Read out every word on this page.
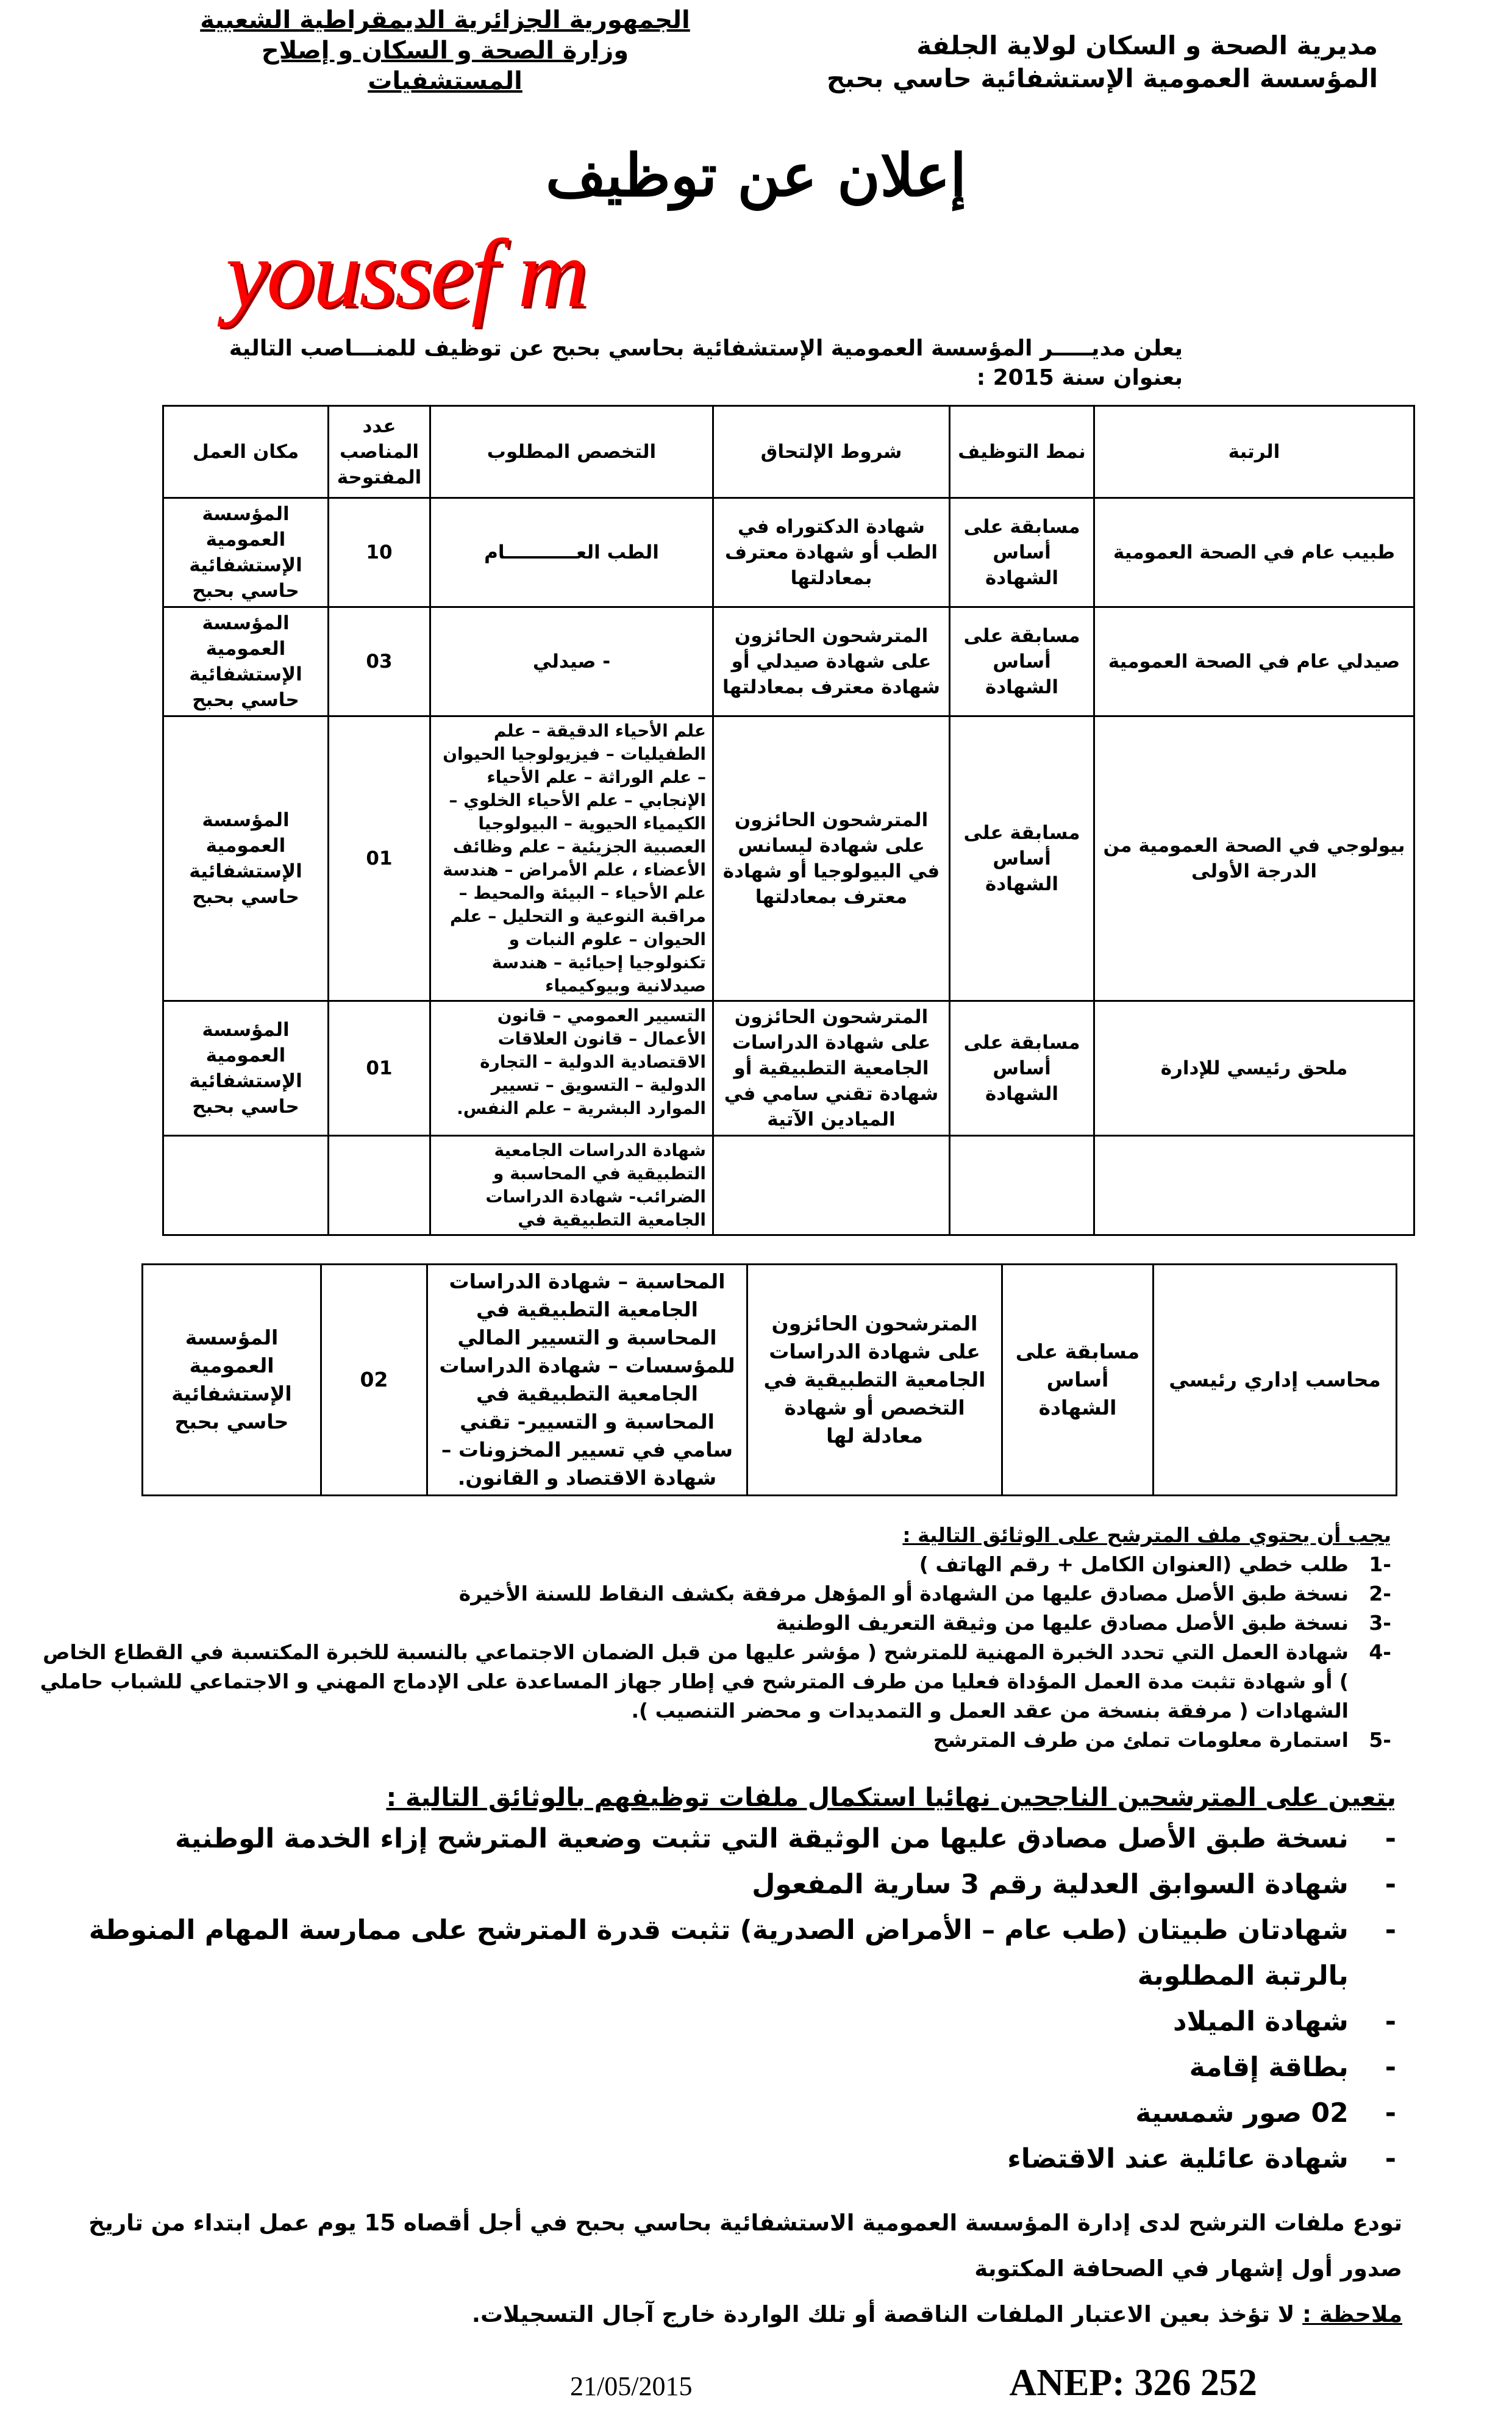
الجمهورية الجزائرية الديمقراطية الشعبية
وزارة الصحة و السكان و إصلاح المستشفيات
مديرية الصحة و السكان لولاية الجلفة
المؤسسة العمومية الإستشفائية حاسي بحبح
إعلان عن توظيف
youssef m
يعلن مديـــــر المؤسسة العمومية الإستشفائية بحاسي بحبح عن توظيف للمنـــاصب التالية بعنوان سنة 2015 :
الرتبة	نمط التوظيف	شروط الإلتحاق	التخصص المطلوب	عدد المناصب المفتوحة	مكان العمل
طبيب عام في الصحة العمومية	مسابقة على أساس الشهادة	شهادة الدكتوراه في الطب أو شهادة معترف بمعادلتها	الطب العـــــــــــام	10	المؤسسة العمومية الإستشفائية حاسي بحبح
صيدلي عام في الصحة العمومية	مسابقة على أساس الشهادة	المترشحون الحائزون على شهادة صيدلي أو شهادة معترف بمعادلتها	- صيدلي	03	المؤسسة العمومية الإستشفائية حاسي بحبح
بيولوجي في الصحة العمومية من الدرجة الأولى	مسابقة على أساس الشهادة	المترشحون الحائزون على شهادة ليسانس في البيولوجيا أو شهادة معترف بمعادلتها	علم الأحياء الدقيقة – علم الطفيليات – فيزيولوجيا الحيوان – علم الوراثة – علم الأحياء الإنجابي – علم الأحياء الخلوي – الكيمياء الحيوية – البيولوجيا العصبية الجزيئية – علم وظائف الأعضاء ، علم الأمراض – هندسة علم الأحياء – البيئة والمحيط – مراقبة النوعية و التحليل – علم الحيوان – علوم النبات و تكنولوجيا إحيائية – هندسة صيدلانية وبيوكيمياء	01	المؤسسة العمومية الإستشفائية حاسي بحبح
ملحق رئيسي للإدارة	مسابقة على أساس الشهادة	المترشحون الحائزون على شهادة الدراسات الجامعية التطبيقية أو شهادة تقني سامي في الميادين الآتية	التسيير العمومي – قانون الأعمال – قانون العلاقات الاقتصادية الدولية – التجارة الدولية – التسويق – تسيير الموارد البشرية – علم النفس.	01	المؤسسة العمومية الإستشفائية حاسي بحبح
			شهادة الدراسات الجامعية التطبيقية في المحاسبة و الضرائب- شهادة الدراسات الجامعية التطبيقية في		
محاسب إداري رئيسي	مسابقة على أساس الشهادة	المترشحون الحائزون على شهادة الدراسات الجامعية التطبيقية في التخصص أو شهادة معادلة لها	المحاسبة – شهادة الدراسات الجامعية التطبيقية في المحاسبة و التسيير المالي للمؤسسات – شهادة الدراسات الجامعية التطبيقية في المحاسبة و التسيير- تقني سامي في تسيير المخزونات – شهادة الاقتصاد و القانون.	02	المؤسسة العمومية الإستشفائية حاسي بحبح
يجب أن يحتوي ملف المترشح على الوثائق التالية :
-1
طلب خطي (العنوان الكامل + رقم الهاتف )
-2
نسخة طبق الأصل مصادق عليها من الشهادة أو المؤهل مرفقة بكشف النقاط للسنة الأخيرة
-3
نسخة طبق الأصل مصادق عليها من وثيقة التعريف الوطنية
-4
شهادة العمل التي تحدد الخبرة المهنية للمترشح ( مؤشر عليها من قبل الضمان الاجتماعي بالنسبة للخبرة المكتسبة في القطاع الخاص ) أو شهادة تثبت مدة العمل المؤداة فعليا من طرف المترشح في إطار جهاز المساعدة على الإدماج المهني و الاجتماعي للشباب حاملي الشهادات ( مرفقة بنسخة من عقد العمل و التمديدات و محضر التنصيب ).
-5
استمارة معلومات تملئ من طرف المترشح
يتعين على المترشحين الناجحين نهائيا استكمال ملفات توظيفهم بالوثائق التالية :
-
نسخة طبق الأصل مصادق عليها من الوثيقة التي تثبت وضعية المترشح إزاء الخدمة الوطنية
-
شهادة السوابق العدلية رقم 3 سارية المفعول
-
شهادتان طبيتان (طب عام – الأمراض الصدرية) تثبت قدرة المترشح على ممارسة المهام المنوطة بالرتبة المطلوبة
-
شهادة الميلاد
-
بطاقة إقامة
-
02 صور شمسية
-
شهادة عائلية عند الاقتضاء
تودع ملفات الترشح لدى إدارة المؤسسة العمومية الاستشفائية بحاسي بحبح في أجل أقصاه 15 يوم عمل ابتداء من تاريخ صدور أول إشهار في الصحافة المكتوبة
ملاحظة : لا تؤخذ بعين الاعتبار الملفات الناقصة أو تلك الواردة خارج آجال التسجيلات.
21/05/2015	ANEP: 326 252
